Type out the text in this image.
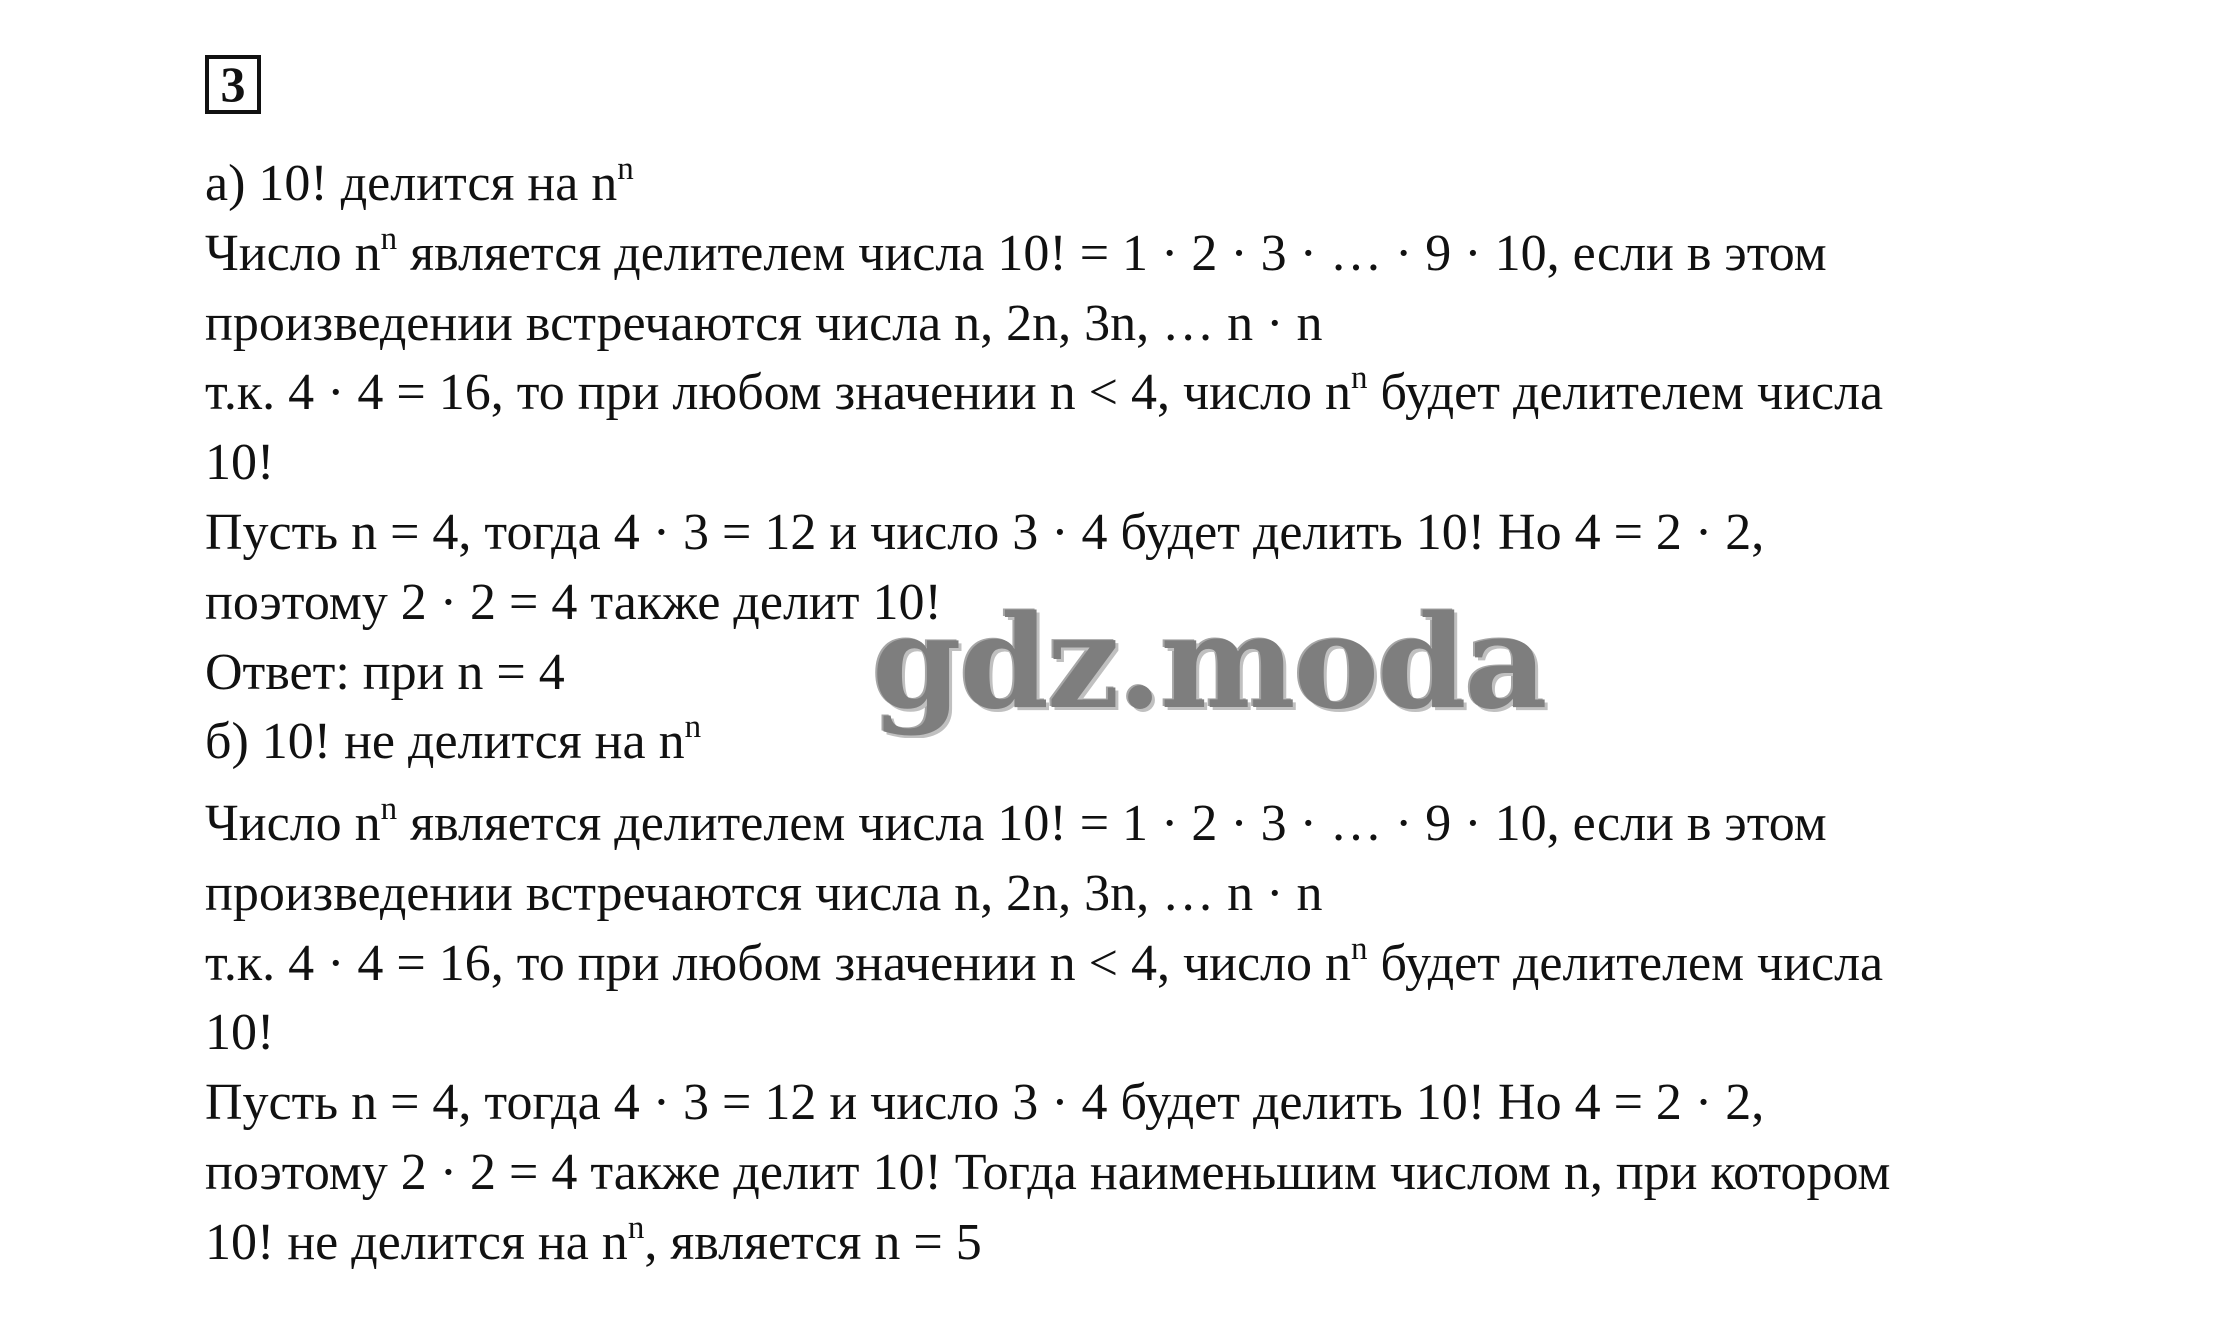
3
а) 10! делится на $n^n$
Число $n^n$ является делителем числа 10! = 1 · 2 · 3 · … · 9 · 10, если в этом
произведении встречаются числа n, 2n, 3n, … n · n
т.к. 4 · 4 = 16, то при любом значении n < 4, число $n^n$ будет делителем числа
10!
Пусть n = 4, тогда 4 · 3 = 12 и число 3 · 4 будет делить 10! Но 4 = 2 · 2,
поэтому 2 · 2 = 4 также делит 10!
Ответ: при n = 4
б) 10! не делится на $n^n$
Число $n^n$ является делителем числа 10! = 1 · 2 · 3 · … · 9 · 10, если в этом
произведении встречаются числа n, 2n, 3n, … n · n
т.к. 4 · 4 = 16, то при любом значении n < 4, число $n^n$ будет делителем числа
10!
Пусть n = 4, тогда 4 · 3 = 12 и число 3 · 4 будет делить 10! Но 4 = 2 · 2,
поэтому 2 · 2 = 4 также делит 10! Тогда наименьшим числом n, при котором
10! не делится на $n^n$, является n = 5
gdz.moda
